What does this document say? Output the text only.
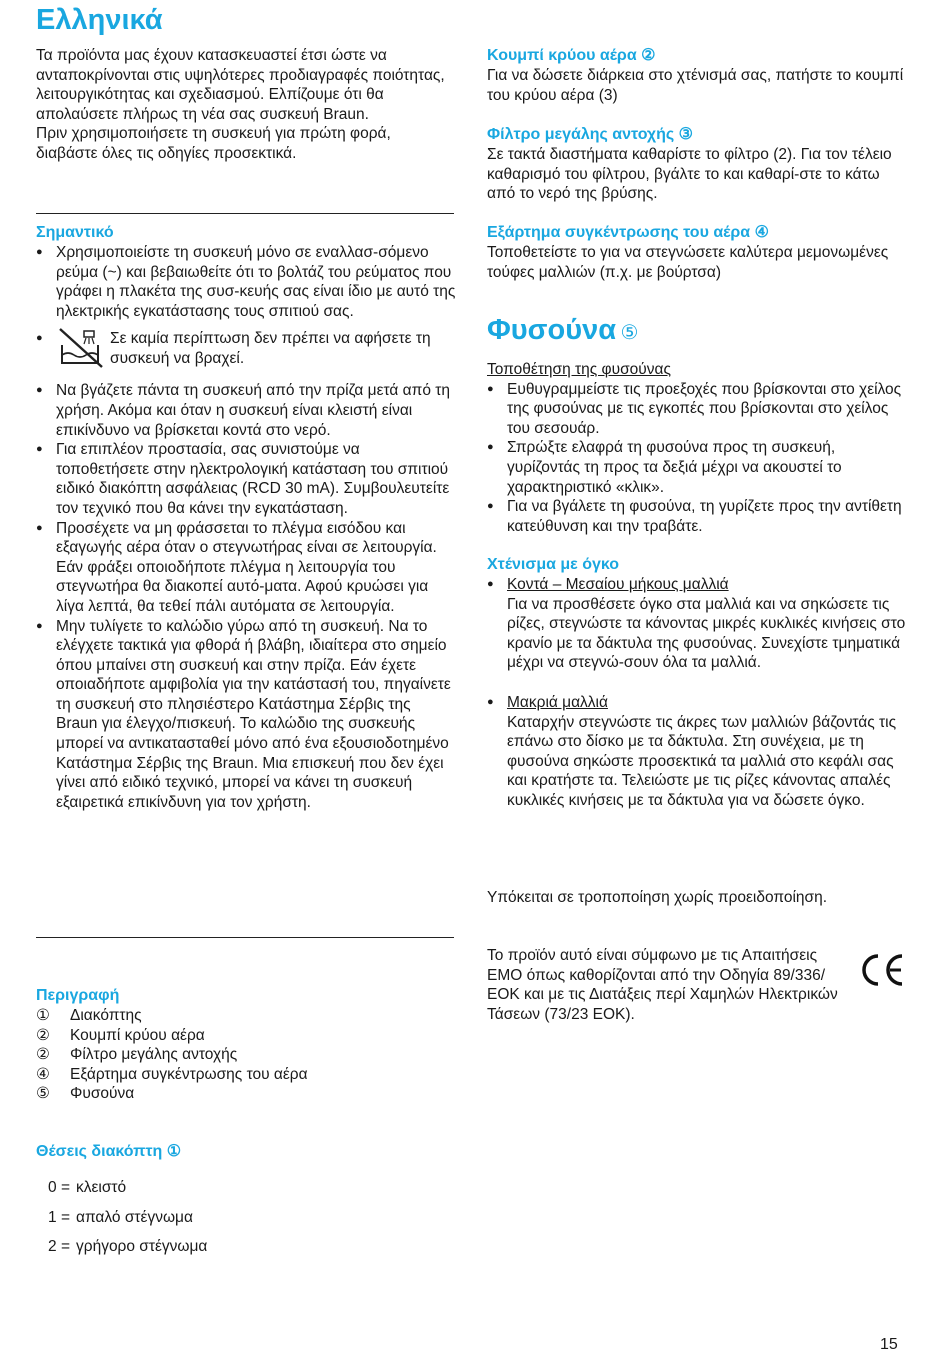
Ελληνικά

Τα προϊόντα μας έχουν κατασκευαστεί έτσι ώστε να ανταποκρίνονται στις υψηλότερες προδιαγραφές ποιότητας, λειτουργικότητας και σχεδιασμού. Ελπίζουμε ότι θα απολαύσετε πλήρως τη νέα σας συσκευή Braun.

Πριν χρησιμοποιήσετε τη συσκευή για πρώτη φορά, διαβάστε όλες τις οδηγίες προσεκτικά.

Σημαντικό
● Χρησιμοποιείστε τη συσκευή μόνο σε εναλλασ-σόμενο ρεύμα (~) και βεβαιωθείτε ότι το βολτάζ του ρεύματος που γράφει η πλακέτα της συσ-κευής σας είναι ίδιο με αυτό της ηλεκτρικής εγκατάστασης τους σπιτιού σας.
●	Σε καμία περίπτωση δεν πρέπει να αφήσετε τη συσκευή να βραχεί.
● Να βγάζετε πάντα τη συσκευή από την πρίζα μετά από τη χρήση. Ακόμα και όταν η συσκευή είναι κλειστή είναι επικίνδυνο να βρίσκεται κοντά στο νερό.
● Για επιπλέον προστασία, σας συνιστούμε να τοποθετήσετε στην ηλεκτρολογική κατάσταση του σπιτιού ειδικό διακόπτη ασφάλειας (RCD 30 mA). Συμβουλευτείτε τον τεχνικό που θα κάνει την εγκατάσταση.
● Προσέχετε να μη φράσσεται το πλέγμα εισόδου και εξαγωγής αέρα όταν ο στεγνωτήρας είναι σε λειτουργία. Εάν φράξει οποιοδήποτε πλέγμα η λειτουργία του στεγνωτήρα θα διακοπεί αυτό-ματα. Αφού κρυώσει για λίγα λεπτά, θα τεθεί πάλι αυτόματα σε λειτουργία.
● Μην τυλίγετε το καλώδιο γύρω από τη συσκευή. Να το ελέγχετε τακτικά για φθορά ή βλάβη, ιδιαίτερα στο σημείο όπου μπαίνει στη συσκευή και στην πρίζα. Εάν έχετε οποιαδήποτε αμφιβολία για την κατάστασή του, πηγαίνετε τη συσκευή στο πλησιέστερο Κατάστημα Σέρβις της Braun για έλεγχο/πισκευή. Το καλώδιο της συσκευής μπορεί να αντικατασταθεί μόνο από ένα εξουσιοδοτημένο Κατάστημα Σέρβις της Braun. Μια επισκευή που δεν έχει γίνει από ειδικό τεχνικό, μπορεί να κάνει τη συσκευή εξαιρετικά επικίνδυνη για τον χρήστη.
Περιγραφή
①	Διακόπτης
②	Κουμπί κρύου αέρα
②	Φίλτρο μεγάλης αντοχής
④	Εξάρτημα συγκέντρωσης του αέρα
⑤	Φυσούνα
Θέσεις διακόπτη ①
0 = κλειστό
1 = απαλό στέγνωμα
2 = γρήγορο στέγνωμα
Κουμπί κρύου αέρα ②

Για να δώσετε διάρκεια στο χτένισμά σας, πατήστε το κουμπί του κρύου αέρα (3)

Φίλτρο μεγάλης αντοχής ③

Σε τακτά διαστήματα καθαρίστε το φίλτρο (2). Για τον τέλειο καθαρισμό του φίλτρου, βγάλτε το και καθαρί-στε το κάτω από το νερό της βρύσης.

Εξάρτημα συγκέντρωσης του αέρα ④

Τοποθετείστε το για να στεγνώσετε καλύτερα μεμονωμένες τούφες μαλλιών (π.χ. με βούρτσα)

Φυσούνα ⑤

Τοποθέτηση της φυσούνας

● Ευθυγραμμείστε τις προεξοχές που βρίσκονται στο χείλος της φυσούνας με τις εγκοπές που βρίσκονται στο χείλος του σεσουάρ.
● Σπρώξτε ελαφρά τη φυσούνα προς τη συσκευή, γυρίζοντάς τη προς τα δεξιά μέχρι να ακουστεί το χαρακτηριστικό «κλικ».
● Για να βγάλετε τη φυσούνα, τη γυρίζετε προς την αντίθετη κατεύθυνση και την τραβάτε.
Χτένισμα με όγκο
● Κοντά – Μεσαίου μήκους μαλλιά
Για να προσθέσετε όγκο στα μαλλιά και να σηκώσετε τις ρίζες, στεγνώστε τα κάνοντας μικρές κυκλικές κινήσεις στο κρανίο με τα δάκτυλα της φυσούνας. Συνεχίστε τμηματικά μέχρι να στεγνώ-σουν όλα τα μαλλιά.
● Μακριά μαλλιά
Καταρχήν στεγνώστε τις άκρες των μαλλιών βάζοντάς τις επάνω στο δίσκο με τα δάκτυλα. Στη συνέχεια, με τη φυσούνα σηκώστε προσεκτικά τα μαλλιά στο κεφάλι σας και κρατήστε τα. Τελειώστε με τις ρίζες κάνοντας απαλές κυκλικές κινήσεις με τα δάκτυλα για να δώσετε όγκο.
Υπόκειται σε τροποποίηση χωρίς προειδοποίηση.
Το προϊόν αυτό είναι σύμφωνο με τις Απαιτήσεις ΕΜΟ όπως καθορίζονται από την Οδηγία 89/336/ΕΟΚ και με τις Διατάξεις περί Χαμηλών Ηλεκτρικών Τάσεων (73/23 ΕΟΚ).
15
